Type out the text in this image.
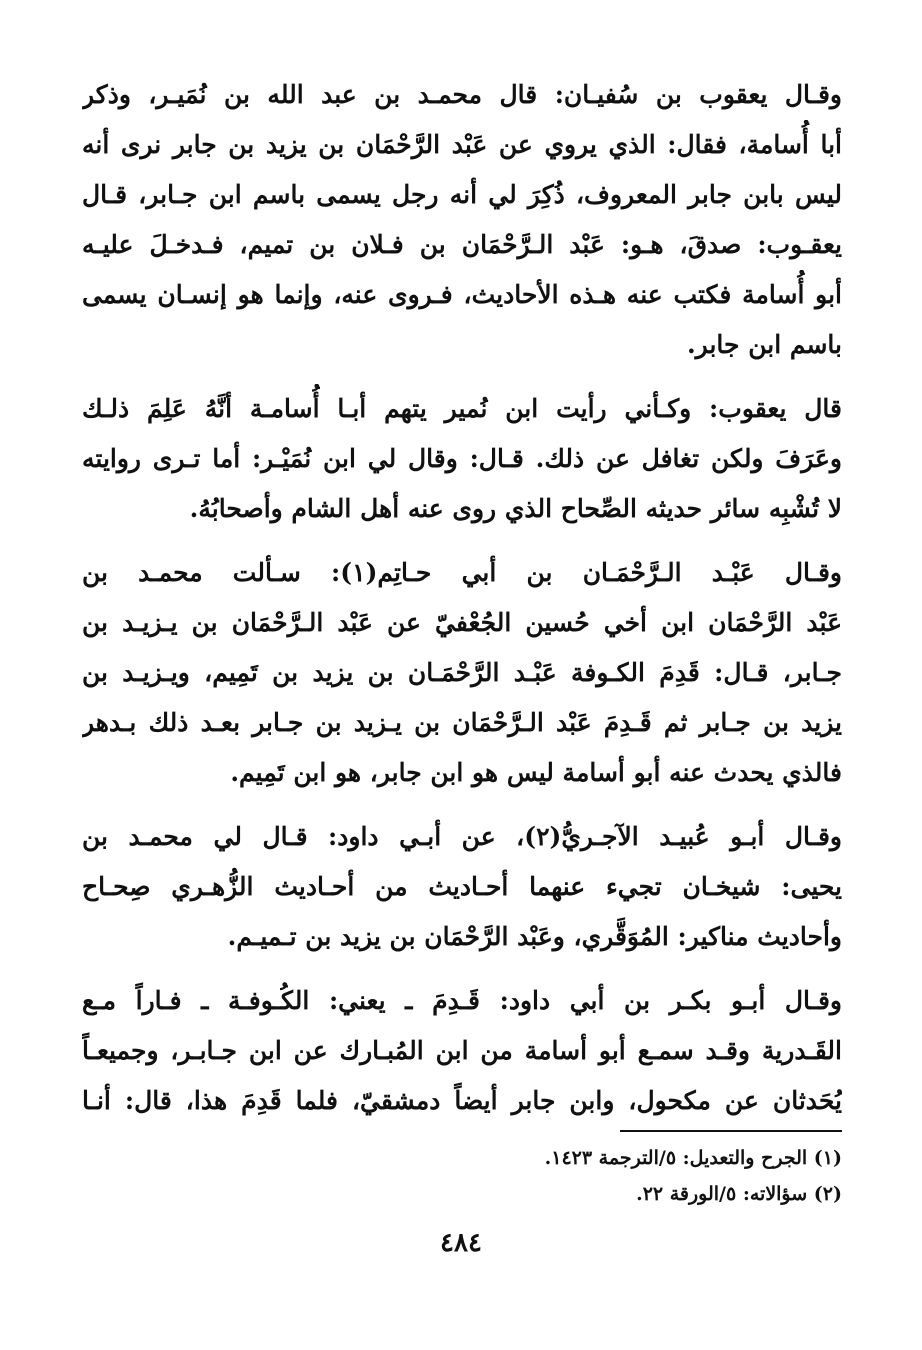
وقـال يعقوب بن سُفيـان: قال محمـد بن عبد الله بن نُمَيـر، وذكر
أبا أُسامة، فقال: الذي يروي عن عَبْد الرَّحْمَان بن يزيد بن جابر نرى أنه
ليس بابن جابر المعروف، ذُكِرَ لي أنه رجل يسمى باسم ابن جـابر، قـال
يعقـوب: صدقَ، هـو: عَبْد الـرَّحْمَان بن فـلان بن تميم، فـدخـلَ عليـه
أبو أُسامة فكتب عنه هـذه الأحاديث، فـروى عنه، وإنما هو إنسـان يسمى
باسم ابن جابر.
قال يعقوب: وكـأني رأيت ابن نُمير يتهم أبـا أُسامـة أنَّهُ عَلِمَ ذلـك
وعَرَفَ ولكن تغافل عن ذلك. قـال: وقال لي ابن نُمَيْـر: أما تـرى روايته
لا تُشْبِه سائر حديثه الصِّحاح الذي روى عنه أهل الشام وأصحابُهُ.
وقـال عَبْـد الـرَّحْمَـان بن أبي حـاتِم(١): سـألت محمـد بن
عَبْد الرَّحْمَان ابن أخي حُسين الجُعْفيّ عن عَبْد الـرَّحْمَان بن يـزيـد بن
جـابر، قـال: قَدِمَ الكـوفة عَبْـد الرَّحْمَـان بن يزيد بن تَمِيم، ويـزيـد بن
يزيد بن جـابر ثم قَـدِمَ عَبْد الـرَّحْمَان بن يـزيد بن جـابر بعـد ذلك بـدهر
فالذي يحدث عنه أبو أسامة ليس هو ابن جابر، هو ابن تَمِيم.
وقـال أبـو عُبيـد الآجـريُّ(٢)، عن أبـي داود: قـال لي محمـد بن
يحيى: شيخـان تجيء عنهما أحـاديث من أحـاديث الزُّهـري صِحـاح
وأحاديث مناكير: المُوَقَّري، وعَبْد الرَّحْمَان بن يزيد بن تـميـم.
وقـال أبـو بكـر بن أبي داود: قَـدِمَ ـ يعني: الكُـوفـة ـ فـاراً مـع
القَـدرية وقـد سمـع أبو أسامة من ابن المُبـارك عن ابن جـابـر، وجميعـاً
يُحَدثان عن مكحول، وابن جابر أيضاً دمشقيّ، فلما قَدِمَ هذا، قال: أنـا
(١) الجرح والتعديل: ٥/الترجمة ١٤٢٣.
(٢) سؤالاته: ٥/الورقة ٢٢.
٤٨٤
